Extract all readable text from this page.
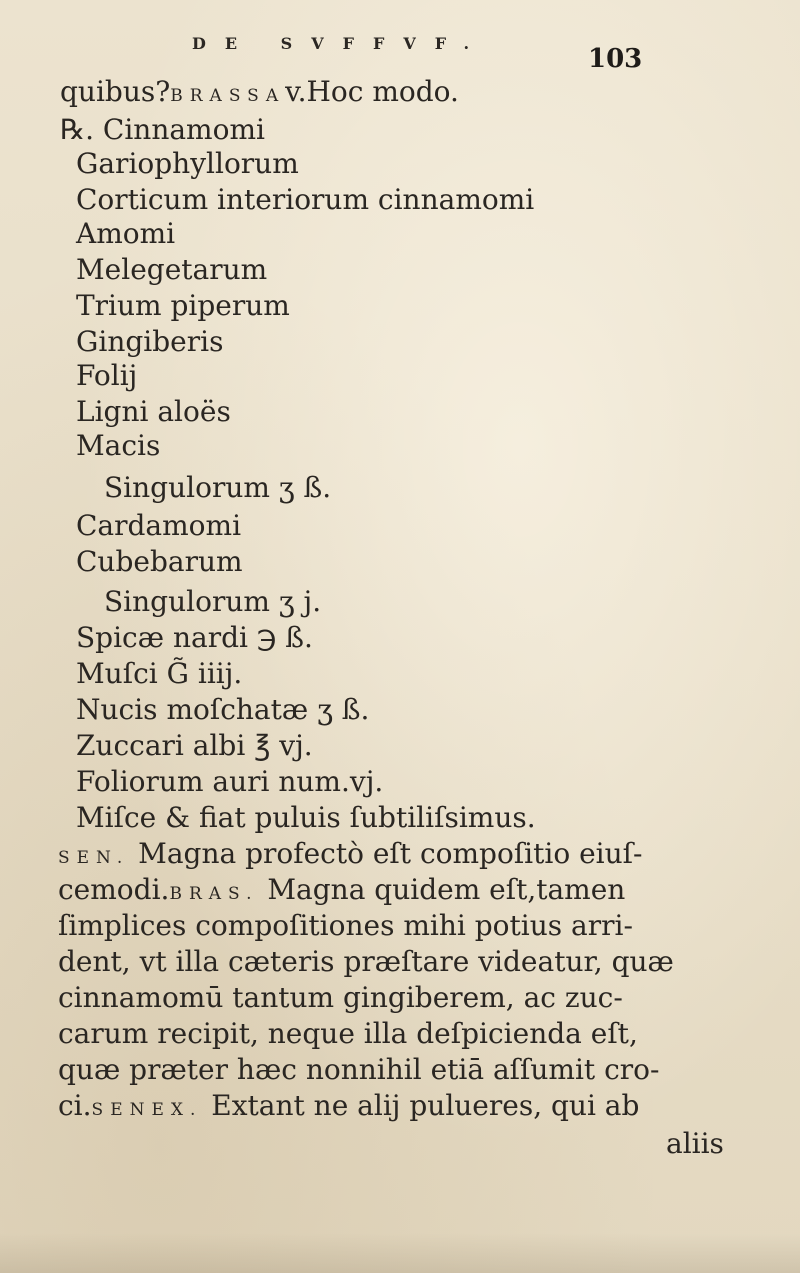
DE SVFFVF.
103
quibus?BRASSAv.Hoc modo.
℞. Cinnamomi
Gariophyllorum
Corticum interiorum cinnamomi
Amomi
Melegetarum
Trium piperum
Gingiberis
Folij
Ligni aloës
Macis
Singulorum ʒ ß.
Cardamomi
Cubebarum
Singulorum ʒ j.
Spicæ nardi ℈ ß.
Muſci G̃ iiij.
Nucis moſchatæ ʒ ß.
Zuccari albi ℥ vj.
Foliorum auri num.vj.
Miſce & fiat puluis ſubtiliſsimus.
SEN. Magna profectò eſt compoſitio eiuſ-
cemodi.BRAS. Magna quidem eſt,tamen
ſimplices compoſitiones mihi potius arri-
dent, vt illa cæteris præſtare videatur, quæ
cinnamomū tantum gingiberem, ac zuc-
carum recipit, neque illa deſpicienda eſt,
quæ præter hæc nonnihil etiā aſſumit cro-
ci.SENEX. Extant ne alij pulueres, qui ab
aliis
